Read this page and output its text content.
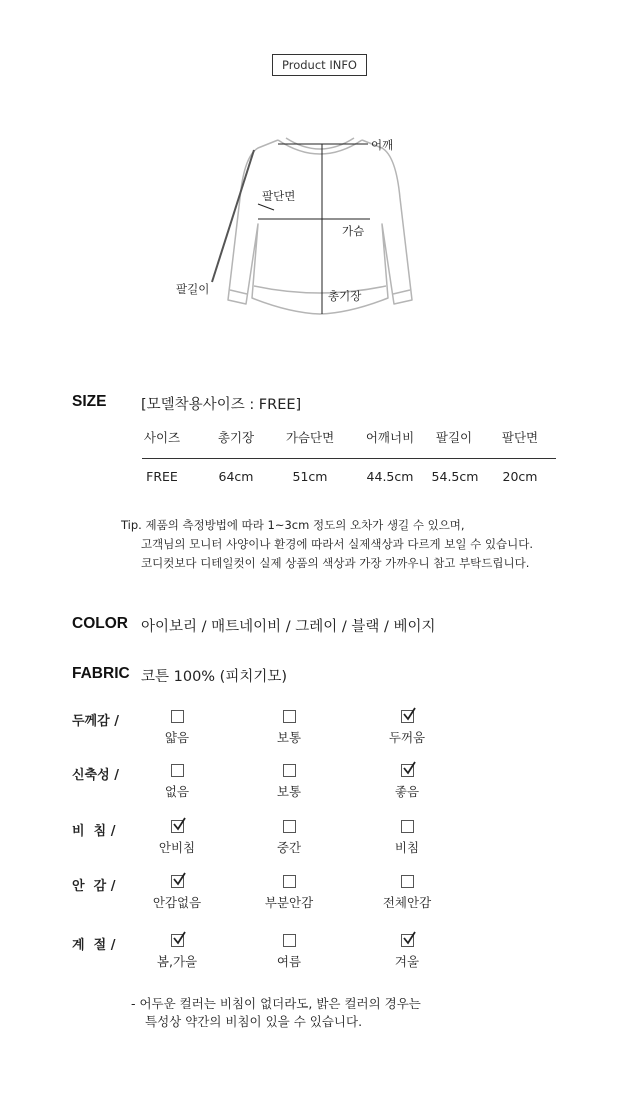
Product INFO
어깨
팔단면
가슴
팔길이	총기장
SIZE [모델착용사이즈 : FREE]
사이즈	총기장	가슴단면	어깨너비	팔길이	팔단면
FREE	64cm	51cm	44.5cm	54.5cm	20cm
Tip. 제품의 측정방법에 따라 1~3cm 정도의 오차가 생길 수 있으며,
고객님의 모니터 사양이나 환경에 따라서 실제색상과 다르게 보일 수 있습니다.
코디컷보다 디테일컷이 실제 상품의 색상과 가장 가까우니 참고 부탁드립니다.
COLOR 아이보리 / 매트네이비 / 그레이 / 블랙 / 베이지
FABRIC 코튼 100% (피치기모)
두께감 /
얇음	보통	두꺼움
신축성 /
없음	보통	좋음
비  침 /
안비침	중간	비침
안  감 /
안감없음	부분안감	전체안감
계  절 /
봄,가을	여름	겨울
- 어두운 컬러는 비침이 없더라도, 밝은 컬러의 경우는
특성상 약간의 비침이 있을 수 있습니다.
